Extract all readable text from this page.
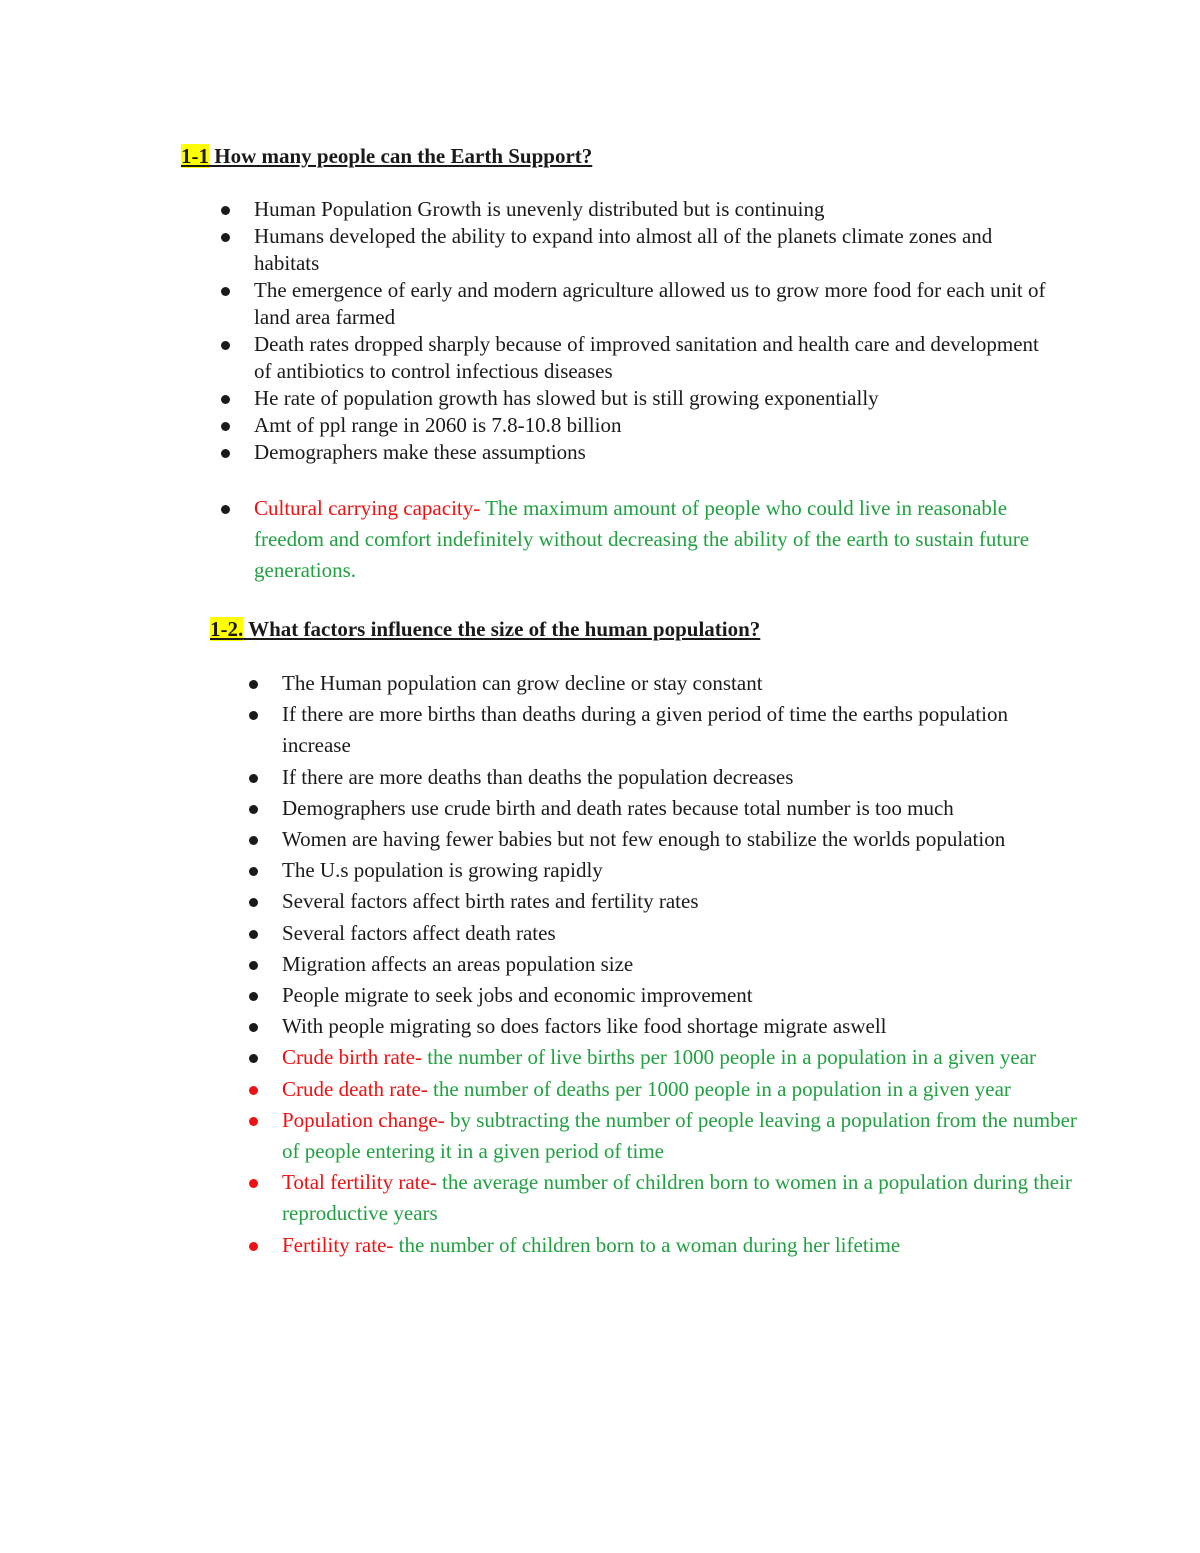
1-1 How many people can the Earth Support?
Human Population Growth is unevenly distributed but is continuing
Humans developed the ability to expand into almost all of the planets climate zones and habitats
The emergence of early and modern agriculture allowed us to grow more food for each unit of land area farmed
Death rates dropped sharply because of improved sanitation and health care and development of antibiotics to control infectious diseases
He rate of population growth has slowed but is still growing exponentially
Amt of ppl range in 2060 is 7.8-10.8 billion
Demographers make these assumptions
Cultural carrying capacity- The maximum amount of people who could live in reasonable freedom and comfort indefinitely without decreasing the ability of the earth to sustain future generations.
1-2. What factors influence the size of the human population?
The Human population can grow decline or stay constant
If there are more births than deaths during a given period of time the earths population increase
If there are more deaths than deaths the population decreases
Demographers use crude birth and death rates because total number is too much
Women are having fewer babies but not few enough to stabilize the worlds population
The U.s population is growing rapidly
Several factors affect birth rates and fertility rates
Several factors affect death rates
Migration affects an areas population size
People migrate to seek jobs and economic improvement
With people migrating so does factors like food shortage migrate aswell
Crude birth rate- the number of live births per 1000 people in a population in a given year
Crude death rate- the number of deaths per 1000 people in a population in a given year
Population change- by subtracting the number of people leaving a population from the number of people entering it in a given period of time
Total fertility rate- the average number of children born to women in a population during their reproductive years
Fertility rate- the number of children born to a woman during her lifetime
